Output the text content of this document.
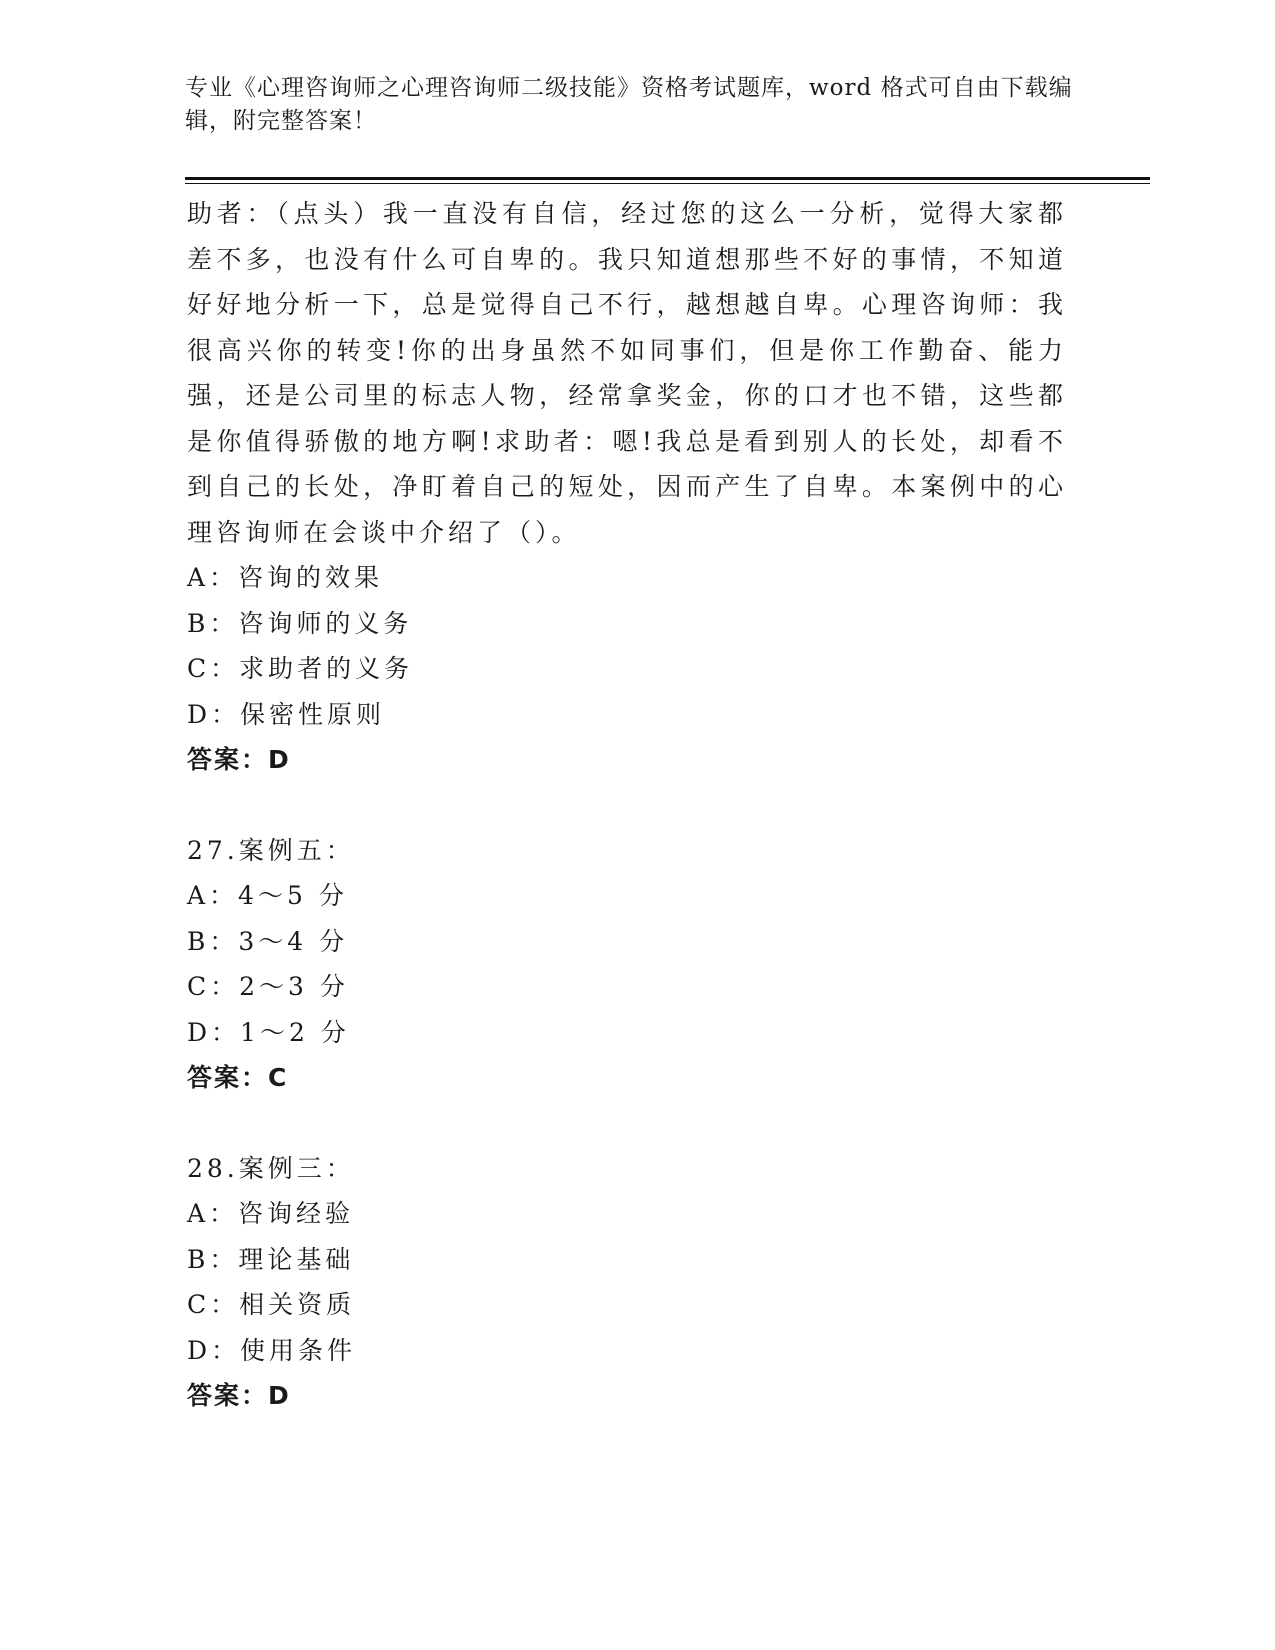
专业《心理咨询师之心理咨询师二级技能》资格考试题库，word 格式可自由下载编辑，附完整答案！

助者：（点头）我一直没有自信，经过您的这么一分析，觉得大家都差不多，也没有什么可自卑的。我只知道想那些不好的事情，不知道好好地分析一下，总是觉得自己不行，越想越自卑。心理咨询师：我很高兴你的转变!你的出身虽然不如同事们，但是你工作勤奋、能力强，还是公司里的标志人物，经常拿奖金，你的口才也不错，这些都是你值得骄傲的地方啊!求助者：嗯!我总是看到别人的长处，却看不到自己的长处，净盯着自己的短处，因而产生了自卑。本案例中的心理咨询师在会谈中介绍了（）。

A：咨询的效果

B：咨询师的义务

C：求助者的义务

D：保密性原则

答案：D

27.案例五：

A：4～5 分

B：3～4 分

C：2～3 分

D：1～2 分

答案：C

28.案例三：

A：咨询经验

B：理论基础

C：相关资质

D：使用条件

答案：D
